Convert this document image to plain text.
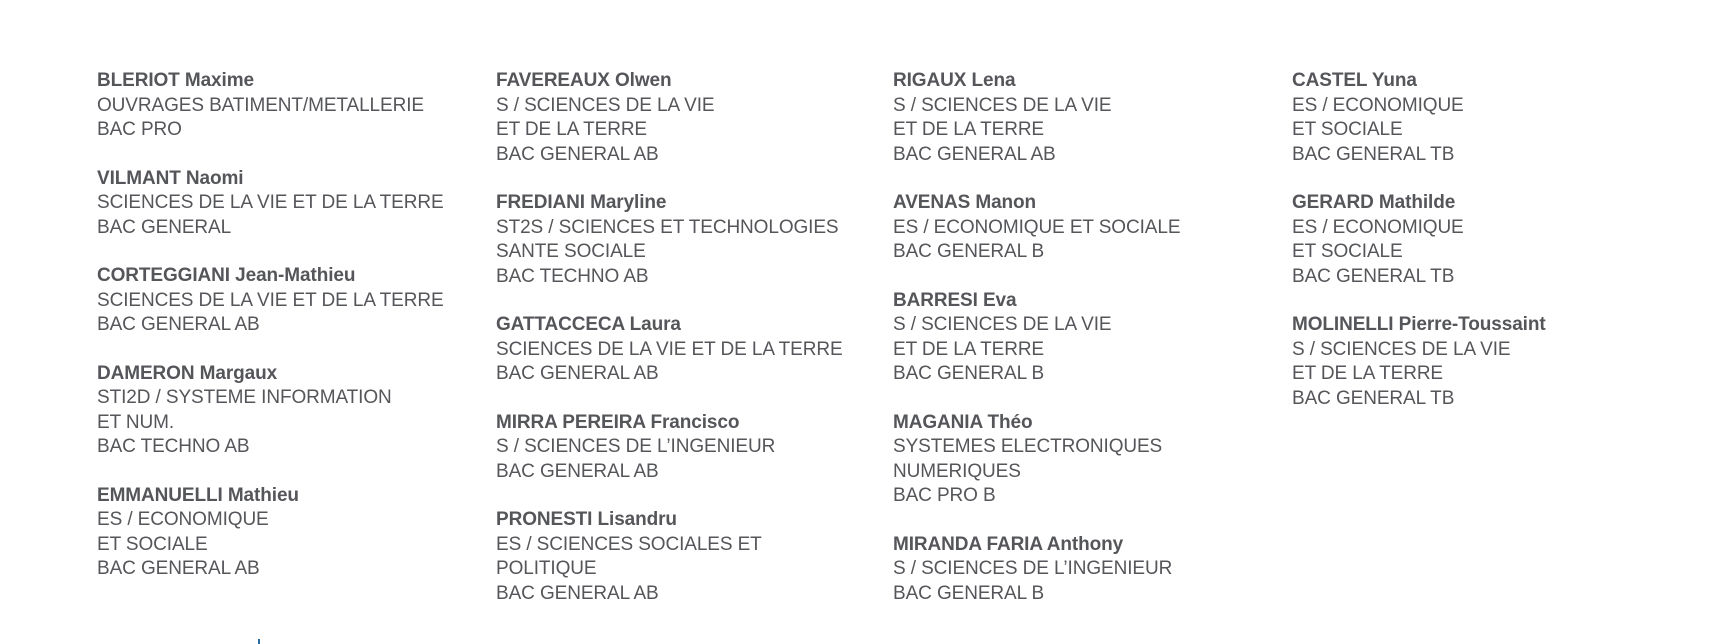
BLERIOT Maxime
OUVRAGES BATIMENT/METALLERIE
BAC PRO
VILMANT Naomi
SCIENCES DE LA VIE ET DE LA TERRE
BAC GENERAL
CORTEGGIANI Jean-Mathieu
SCIENCES DE LA VIE ET DE LA TERRE
BAC GENERAL AB
DAMERON Margaux
STI2D / SYSTEME INFORMATION
ET NUM.
BAC TECHNO AB
EMMANUELLI Mathieu
ES / ECONOMIQUE
ET SOCIALE
BAC GENERAL AB
FAVEREAUX Olwen
S / SCIENCES DE LA VIE
ET DE LA TERRE
BAC GENERAL AB
FREDIANI Maryline
ST2S / SCIENCES ET TECHNOLOGIES
SANTE SOCIALE
BAC TECHNO AB
GATTACCECA Laura
SCIENCES DE LA VIE ET DE LA TERRE
BAC GENERAL AB
MIRRA PEREIRA Francisco
S / SCIENCES DE L’INGENIEUR
BAC GENERAL AB
PRONESTI Lisandru
ES / SCIENCES SOCIALES ET
POLITIQUE
BAC GENERAL AB
RIGAUX Lena
S / SCIENCES DE LA VIE
ET DE LA TERRE
BAC GENERAL AB
AVENAS Manon
ES / ECONOMIQUE ET SOCIALE
BAC GENERAL B
BARRESI Eva
S / SCIENCES DE LA VIE
ET DE LA TERRE
BAC GENERAL B
MAGANIA Théo
SYSTEMES ELECTRONIQUES
NUMERIQUES
BAC PRO B
MIRANDA FARIA Anthony
S / SCIENCES DE L’INGENIEUR
BAC GENERAL B
CASTEL Yuna
ES / ECONOMIQUE
ET SOCIALE
BAC GENERAL TB
GERARD Mathilde
ES / ECONOMIQUE
ET SOCIALE
BAC GENERAL TB
MOLINELLI Pierre-Toussaint
S / SCIENCES DE LA VIE
ET DE LA TERRE
BAC GENERAL TB
